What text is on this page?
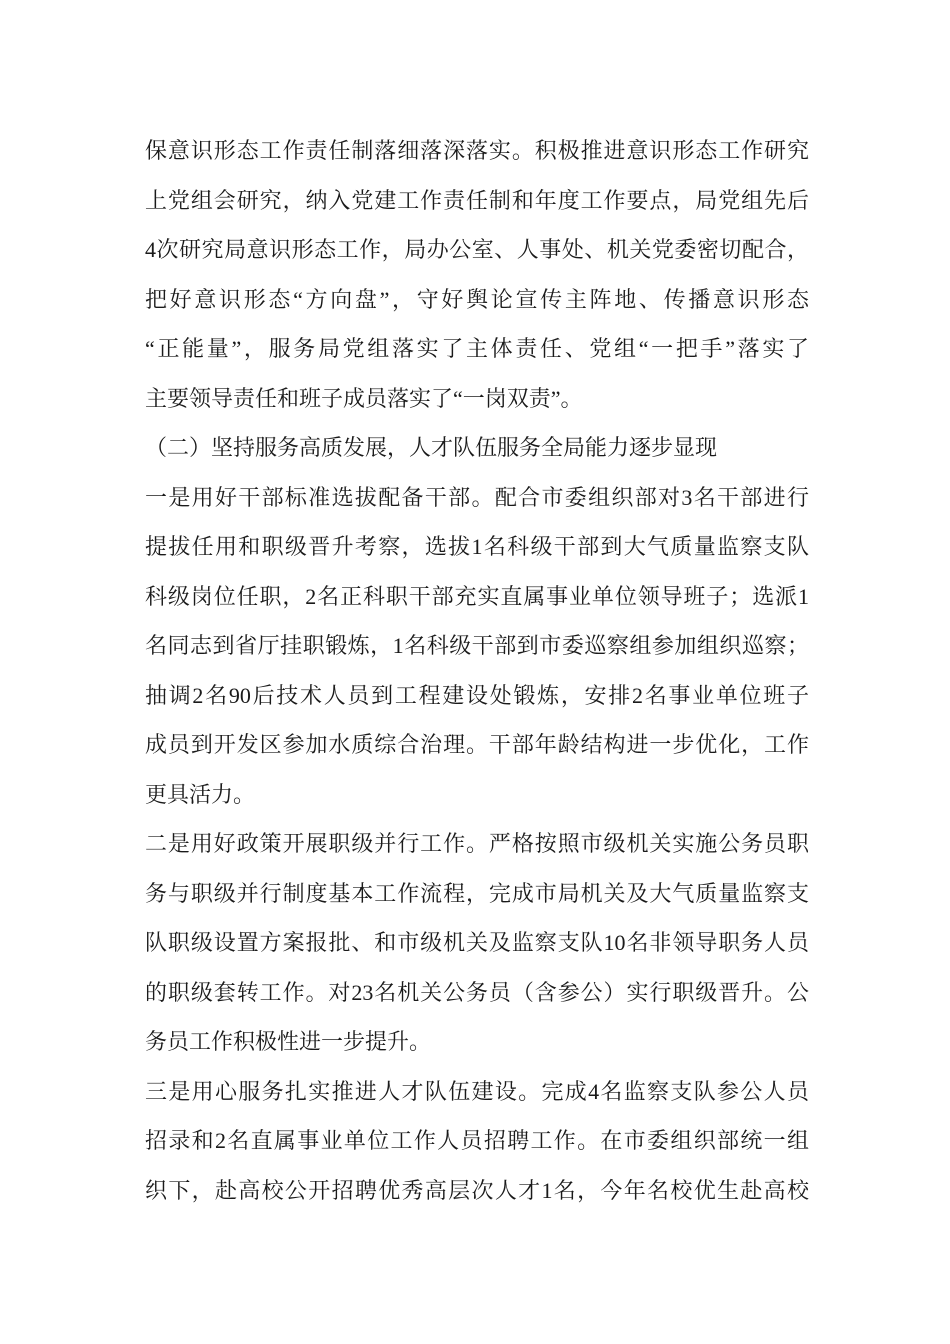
保意识形态工作责任制落细落深落实。积极推进意识形态工作研究
上党组会研究，纳入党建工作责任制和年度工作要点，局党组先后
4次研究局意识形态工作，局办公室、人事处、机关党委密切配合，
把好意识形态“方向盘”，守好舆论宣传主阵地、传播意识形态
“正能量”，服务局党组落实了主体责任、党组“一把手”落实了
主要领导责任和班子成员落实了“一岗双责”。
（二）坚持服务高质发展，人才队伍服务全局能力逐步显现
一是用好干部标准选拔配备干部。配合市委组织部对3名干部进行
提拔任用和职级晋升考察，选拔1名科级干部到大气质量监察支队
科级岗位任职，2名正科职干部充实直属事业单位领导班子；选派1
名同志到省厅挂职锻炼，1名科级干部到市委巡察组参加组织巡察；
抽调2名90后技术人员到工程建设处锻炼，安排2名事业单位班子
成员到开发区参加水质综合治理。干部年龄结构进一步优化，工作
更具活力。
二是用好政策开展职级并行工作。严格按照市级机关实施公务员职
务与职级并行制度基本工作流程，完成市局机关及大气质量监察支
队职级设置方案报批、和市级机关及监察支队10名非领导职务人员
的职级套转工作。对23名机关公务员（含参公）实行职级晋升。公
务员工作积极性进一步提升。
三是用心服务扎实推进人才队伍建设。完成4名监察支队参公人员
招录和2名直属事业单位工作人员招聘工作。在市委组织部统一组
织下，赴高校公开招聘优秀高层次人才1名，今年名校优生赴高校
